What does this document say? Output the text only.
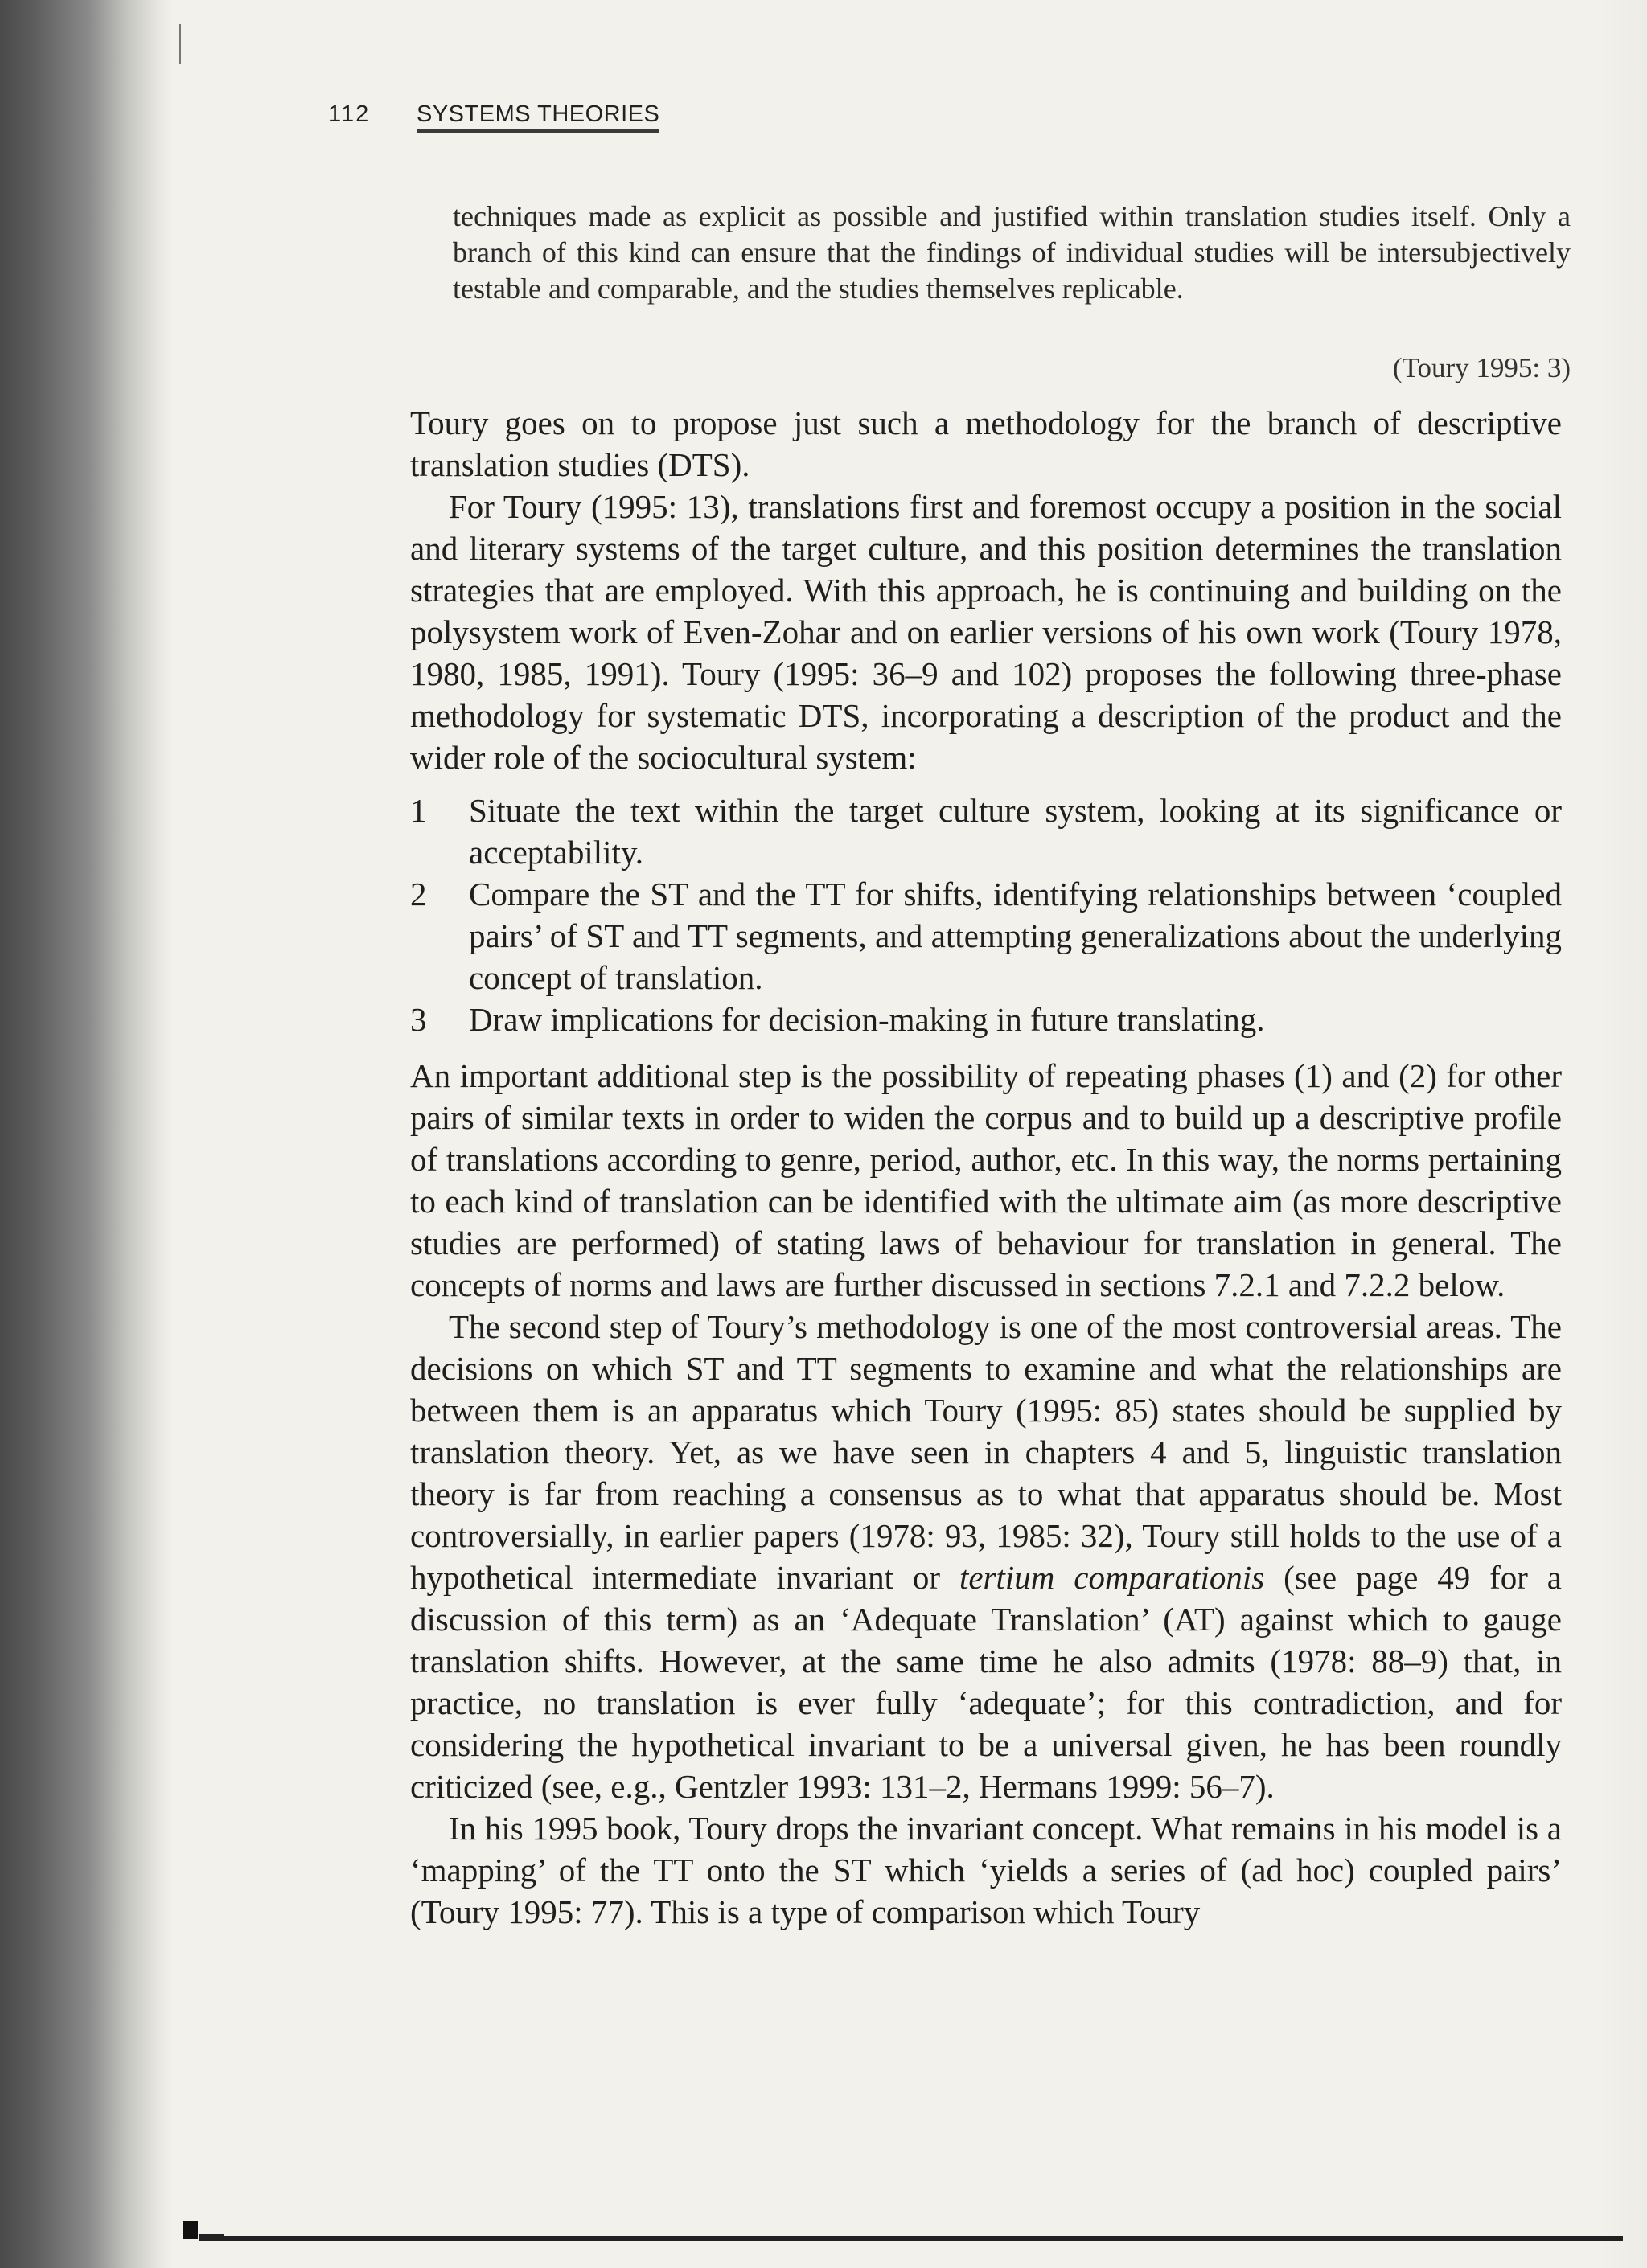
112	SYSTEMS THEORIES

techniques made as explicit as possible and justified within translation studies itself. Only a branch of this kind can ensure that the findings of individual studies will be intersubjectively testable and comparable, and the studies themselves replicable.

(Toury 1995: 3)

Toury goes on to propose just such a methodology for the branch of descriptive translation studies (DTS).

For Toury (1995: 13), translations first and foremost occupy a position in the social and literary systems of the target culture, and this position determines the translation strategies that are employed. With this approach, he is continuing and building on the polysystem work of Even-Zohar and on earlier versions of his own work (Toury 1978, 1980, 1985, 1991). Toury (1995: 36–9 and 102) proposes the following three-phase methodology for systematic DTS, incorporating a description of the product and the wider role of the sociocultural system:

1	Situate the text within the target culture system, looking at its significance or acceptability.
2	Compare the ST and the TT for shifts, identifying relationships between ‘coupled pairs’ of ST and TT segments, and attempting generalizations about the underlying concept of translation.
3	Draw implications for decision-making in future translating.

An important additional step is the possibility of repeating phases (1) and (2) for other pairs of similar texts in order to widen the corpus and to build up a descriptive profile of translations according to genre, period, author, etc. In this way, the norms pertaining to each kind of translation can be identified with the ultimate aim (as more descriptive studies are performed) of stating laws of behaviour for translation in general. The concepts of norms and laws are further discussed in sections 7.2.1 and 7.2.2 below.

The second step of Toury’s methodology is one of the most controversial areas. The decisions on which ST and TT segments to examine and what the relationships are between them is an apparatus which Toury (1995: 85) states should be supplied by translation theory. Yet, as we have seen in chapters 4 and 5, linguistic translation theory is far from reaching a consensus as to what that apparatus should be. Most controversially, in earlier papers (1978: 93, 1985: 32), Toury still holds to the use of a hypothetical intermediate invariant or tertium comparationis (see page 49 for a discussion of this term) as an ‘Adequate Translation’ (AT) against which to gauge translation shifts. However, at the same time he also admits (1978: 88–9) that, in practice, no translation is ever fully ‘adequate’; for this contradiction, and for considering the hypothetical invariant to be a universal given, he has been roundly criticized (see, e.g., Gentzler 1993: 131–2, Hermans 1999: 56–7).

In his 1995 book, Toury drops the invariant concept. What remains in his model is a ‘mapping’ of the TT onto the ST which ‘yields a series of (ad hoc) coupled pairs’ (Toury 1995: 77). This is a type of comparison which Toury
